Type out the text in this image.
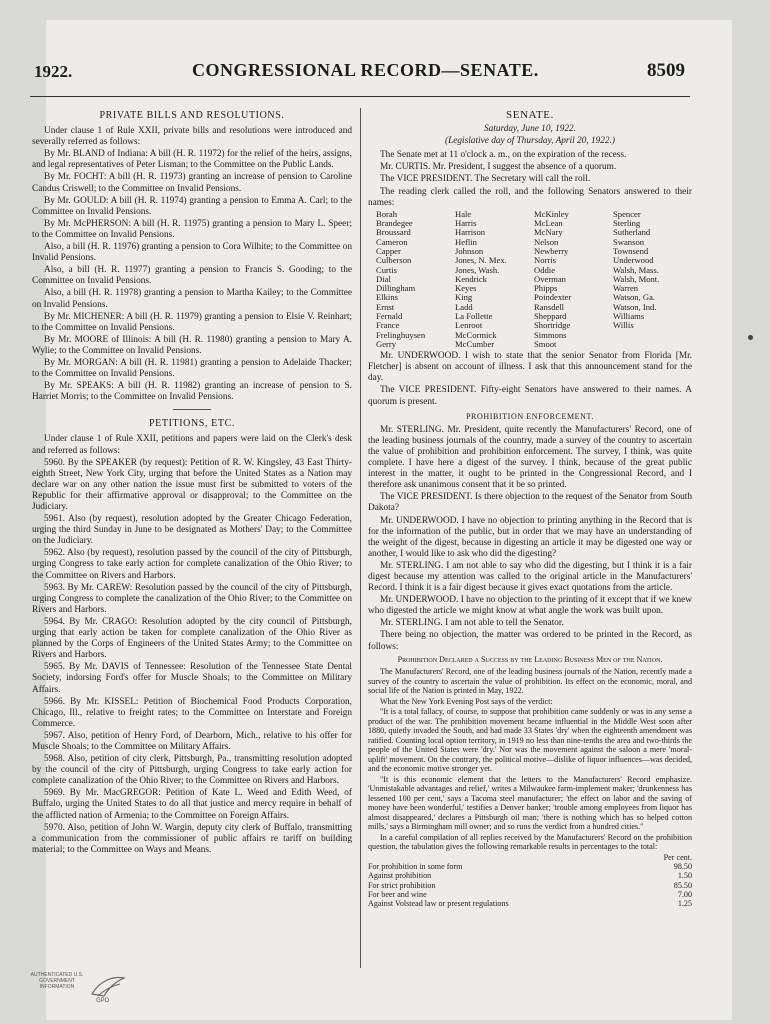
1922.	CONGRESSIONAL RECORD—SENATE.	8509
PRIVATE BILLS AND RESOLUTIONS.

Under clause 1 of Rule XXII, private bills and resolutions were introduced and severally referred as follows:

By Mr. BLAND of Indiana: A bill (H. R. 11972) for the relief of the heirs, assigns, and legal representatives of Peter Lisman; to the Committee on the Public Lands.

By Mr. FOCHT: A bill (H. R. 11973) granting an increase of pension to Caroline Candus Criswell; to the Committee on Invalid Pensions.

By Mr. GOULD: A bill (H. R. 11974) granting a pension to Emma A. Carl; to the Committee on Invalid Pensions.

By Mr. McPHERSON: A bill (H. R. 11975) granting a pension to Mary L. Speer; to the Committee on Invalid Pensions.

Also, a bill (H. R. 11976) granting a pension to Cora Wilhite; to the Committee on Invalid Pensions.

Also, a bill (H. R. 11977) granting a pension to Francis S. Gooding; to the Committee on Invalid Pensions.

Also, a bill (H. R. 11978) granting a pension to Martha Kailey; to the Committee on Invalid Pensions.

By Mr. MICHENER: A bill (H. R. 11979) granting a pension to Elsie V. Reinhart; to the Committee on Invalid Pensions.

By Mr. MOORE of Illinois: A bill (H. R. 11980) granting a pension to Mary A. Wylie; to the Committee on Invalid Pensions.

By Mr. MORGAN: A bill (H. R. 11981) granting a pension to Adelaide Thacker; to the Committee on Invalid Pensions.

By Mr. SPEAKS: A bill (H. R. 11982) granting an increase of pension to S. Harriet Morris; to the Committee on Invalid Pensions.

PETITIONS, ETC.

Under clause 1 of Rule XXII, petitions and papers were laid on the Clerk's desk and referred as follows:

5960. By the SPEAKER (by request): Petition of R. W. Kingsley, 43 East Thirty-eighth Street, New York City, urging that before the United States as a Nation may declare war on any other nation the issue must first be submitted to voters of the Republic for their affirmative approval or disapproval; to the Committee on the Judiciary.

5961. Also (by request), resolution adopted by the Greater Chicago Federation, urging the third Sunday in June to be designated as Mothers' Day; to the Committee on the Judiciary.

5962. Also (by request), resolution passed by the council of the city of Pittsburgh, urging Congress to take early action for complete canalization of the Ohio River; to the Committee on Rivers and Harbors.

5963. By Mr. CAREW: Resolution passed by the council of the city of Pittsburgh, urging Congress to complete the canalization of the Ohio River; to the Committee on Rivers and Harbors.

5964. By Mr. CRAGO: Resolution adopted by the city council of Pittsburgh, urging that early action be taken for complete canalization of the Ohio River as planned by the Corps of Engineers of the United States Army; to the Committee on Rivers and Harbors.

5965. By Mr. DAVIS of Tennessee: Resolution of the Tennessee State Dental Society, indorsing Ford's offer for Muscle Shoals; to the Committee on Military Affairs.

5966. By Mr. KISSEL: Petition of Biochemical Food Products Corporation, Chicago, Ill., relative to freight rates; to the Committee on Interstate and Foreign Commerce.

5967. Also, petition of Henry Ford, of Dearborn, Mich., relative to his offer for Muscle Shoals; to the Committee on Military Affairs.

5968. Also, petition of city clerk, Pittsburgh, Pa., transmitting resolution adopted by the council of the city of Pittsburgh, urging Congress to take early action for complete canalization of the Ohio River; to the Committee on Rivers and Harbors.

5969. By Mr. MacGREGOR: Petition of Kate L. Weed and Edith Weed, of Buffalo, urging the United States to do all that justice and mercy require in behalf of the afflicted nation of Armenia; to the Committee on Foreign Affairs.

5970. Also, petition of John W. Wargin, deputy city clerk of Buffalo, transmitting a communication from the commissioner of public affairs re tariff on building material; to the Committee on Ways and Means.

SENATE.

Saturday, June 10, 1922.

(Legislative day of Thursday, April 20, 1922.)

The Senate met at 11 o'clock a. m., on the expiration of the recess.

Mr. CURTIS. Mr. President, I suggest the absence of a quorum.

The VICE PRESIDENT. The Secretary will call the roll.

The reading clerk called the roll, and the following Senators answered to their names:

Borah	Hale	McKinley	Spencer
Brandegee	Harris	McLean	Sterling
Broussard	Harrison	McNary	Sutherland
Cameron	Heflin	Nelson	Swanson
Capper	Johnson	Newberry	Townsend
Culberson	Jones, N. Mex.	Norris	Underwood
Curtis	Jones, Wash.	Oddie	Walsh, Mass.
Dial	Kendrick	Overman	Walsh, Mont.
Dillingham	Keyes	Phipps	Warren
Elkins	King	Poindexter	Watson, Ga.
Ernst	Ladd	Ransdell	Watson, Ind.
Fernald	La Follette	Sheppard	Williams
France	Lenroot	Shortridge	Willis
Frelinghuysen	McCormick	Simmons
Gerry	McCumber	Smoot

Mr. UNDERWOOD. I wish to state that the senior Senator from Florida [Mr. Fletcher] is absent on account of illness. I ask that this announcement stand for the day.

The VICE PRESIDENT. Fifty-eight Senators have answered to their names. A quorum is present.

PROHIBITION ENFORCEMENT.

Mr. STERLING. Mr. President, quite recently the Manufacturers' Record, one of the leading business journals of the country, made a survey of the country to ascertain the value of prohibition and prohibition enforcement. The survey, I think, was quite complete. I have here a digest of the survey. I think, because of the great public interest in the matter, it ought to be printed in the Congressional Record, and I therefore ask unanimous consent that it be so printed.

The VICE PRESIDENT. Is there objection to the request of the Senator from South Dakota?

Mr. UNDERWOOD. I have no objection to printing anything in the Record that is for the information of the public, but in order that we may have an understanding of the weight of the digest, because in digesting an article it may be digested one way or another, I would like to ask who did the digesting?

Mr. STERLING. I am not able to say who did the digesting, but I think it is a fair digest because my attention was called to the original article in the Manufacturers' Record. I think it is a fair digest because it gives exact quotations from the article.

Mr. UNDERWOOD. I have no objection to the printing of it except that if we knew who digested the article we might know at what angle the work was built upon.

Mr. STERLING. I am not able to tell the Senator.

There being no objection, the matter was ordered to be printed in the Record, as follows:

Prohibition Declared a Success by the Leading Business Men of the Nation.

The Manufacturers' Record, one of the leading business journals of the Nation, recently made a survey of the country to ascertain the value of prohibition. Its effect on the economic, moral, and social life of the Nation is printed in May, 1922.

What the New York Evening Post says of the verdict:

"It is a total fallacy, of course, to suppose that prohibition came suddenly or was in any sense a product of the war. The prohibition movement became influential in the Middle West soon after 1880, quietly invaded the South, and had made 33 States 'dry' when the eighteenth amendment was ratified. Counting local option territory, in 1919 no less than nine-tenths the area and two-thirds the people of the United States were 'dry.' Nor was the movement against the saloon a mere 'moral-uplift' movement. On the contrary, the political motive—dislike of liquor influences—was decided, and the economic motive stronger yet.

"It is this economic element that the letters to the Manufacturers' Record emphasize. 'Unmistakable advantages and relief,' writes a Milwaukee farm-implement maker; 'drunkenness has lessened 100 per cent,' says a Tacoma steel manufacturer; 'the effect on labor and the saving of money have been wonderful,' testifies a Denver banker; 'trouble among employees from liquor has almost disappeared,' declares a Pittsburgh oil man; 'there is nothing which has so helped cotton mills,' says a Birmingham mill owner; and so runs the verdict from a hundred cities."

In a careful compilation of all replies received by the Manufacturers' Record on the prohibition question, the tabulation gives the following remarkable results in percentages to the total:

Per cent.
For prohibition in some form	98.50
Against prohibition	1.50
For strict prohibition	85.50
For beer and wine	7.00
Against Volstead law or present regulations	1.25
AUTHENTICATED U.S. GOVERNMENT INFORMATION
GPO
